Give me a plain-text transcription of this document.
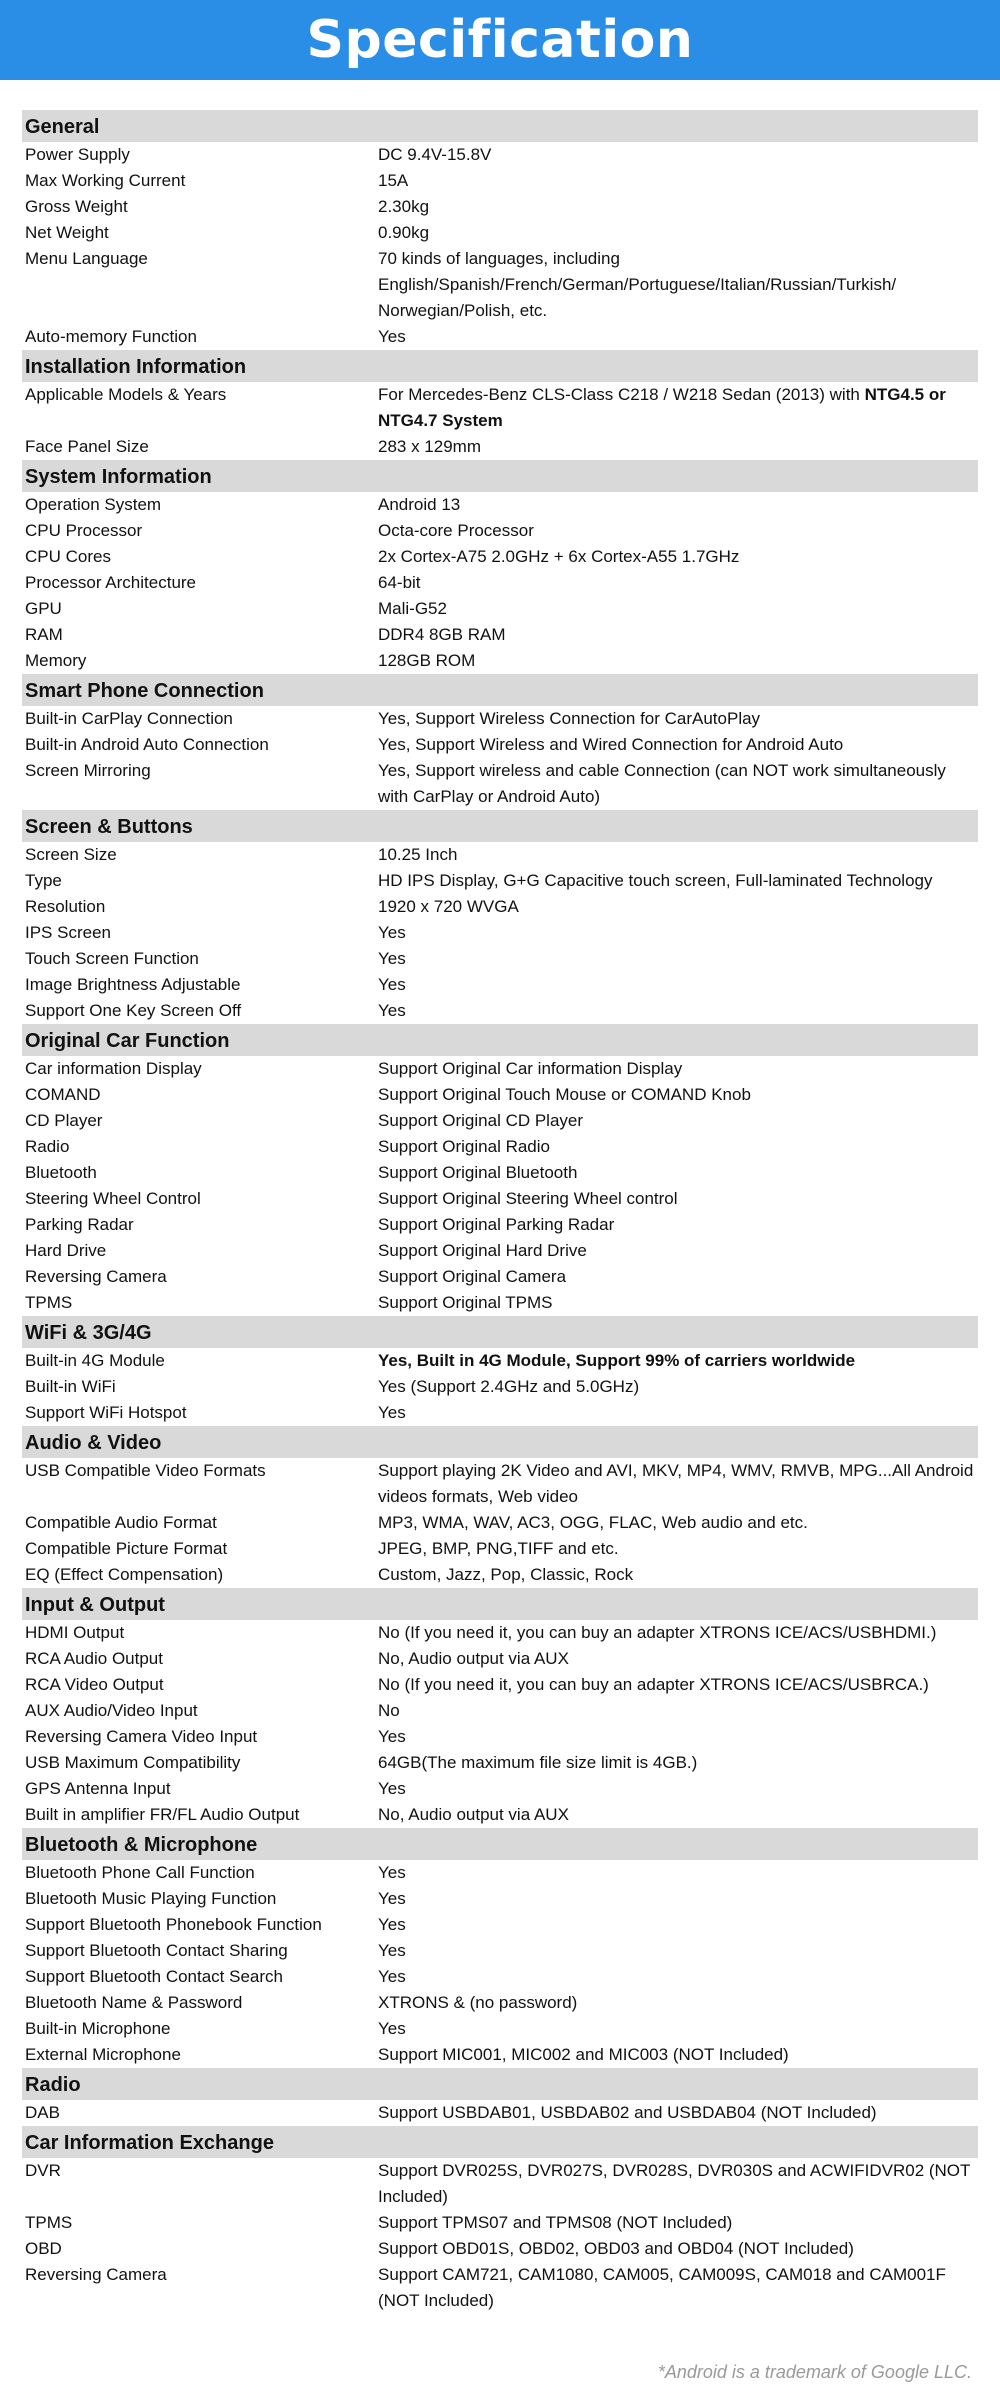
Specification
General
Power Supply	DC 9.4V-15.8V
Max Working Current	15A
Gross Weight	2.30kg
Net Weight	0.90kg
Menu Language	70 kinds of languages, including English/Spanish/French/German/Portuguese/Italian/Russian/Turkish/ Norwegian/Polish, etc.
Auto-memory Function	Yes
Installation Information
Applicable Models & Years	For Mercedes-Benz CLS-Class C218 / W218 Sedan (2013) with NTG4.5 or NTG4.7 System
Face Panel Size	283 x 129mm
System Information
Operation System	Android 13
CPU Processor	Octa-core Processor
CPU Cores	2x Cortex-A75 2.0GHz + 6x Cortex-A55 1.7GHz
Processor Architecture	64-bit
GPU	Mali-G52
RAM	DDR4 8GB RAM
Memory	128GB ROM
Smart Phone Connection
Built-in CarPlay Connection	Yes, Support Wireless Connection for CarAutoPlay
Built-in Android Auto Connection	Yes, Support Wireless and Wired Connection for Android Auto
Screen Mirroring	Yes, Support wireless and cable Connection (can NOT work simultaneously with CarPlay or Android Auto)
Screen & Buttons
Screen Size	10.25 Inch
Type	HD IPS Display, G+G Capacitive touch screen, Full-laminated Technology
Resolution	1920 x 720 WVGA
IPS Screen	Yes
Touch Screen Function	Yes
Image Brightness Adjustable	Yes
Support One Key Screen Off	Yes
Original Car Function
Car information Display	Support Original Car information Display
COMAND	Support Original Touch Mouse or COMAND Knob
CD Player	Support Original CD Player
Radio	Support Original Radio
Bluetooth	Support Original Bluetooth
Steering Wheel Control	Support Original Steering Wheel control
Parking Radar	Support Original Parking Radar
Hard Drive	Support Original Hard Drive
Reversing Camera	Support Original Camera
TPMS	Support Original TPMS
WiFi & 3G/4G
Built-in 4G Module	Yes, Built in 4G Module, Support 99% of carriers worldwide
Built-in WiFi	Yes (Support 2.4GHz and 5.0GHz)
Support WiFi Hotspot	Yes
Audio & Video
USB Compatible Video Formats	Support playing 2K Video and AVI, MKV, MP4, WMV, RMVB, MPG...All Android videos formats, Web video
Compatible Audio Format	MP3, WMA, WAV, AC3, OGG, FLAC, Web audio and etc.
Compatible Picture Format	JPEG, BMP, PNG,TIFF and etc.
EQ (Effect Compensation)	Custom, Jazz, Pop, Classic, Rock
Input & Output
HDMI Output	No (If you need it, you can buy an adapter XTRONS ICE/ACS/USBHDMI.)
RCA Audio Output	No, Audio output via AUX
RCA Video Output	No (If you need it, you can buy an adapter XTRONS ICE/ACS/USBRCA.)
AUX Audio/Video Input	No
Reversing Camera Video Input	Yes
USB Maximum Compatibility	64GB(The maximum file size limit is 4GB.)
GPS Antenna Input	Yes
Built in amplifier FR/FL Audio Output	No, Audio output via AUX
Bluetooth & Microphone
Bluetooth Phone Call Function	Yes
Bluetooth Music Playing Function	Yes
Support Bluetooth Phonebook Function	Yes
Support Bluetooth Contact Sharing	Yes
Support Bluetooth Contact Search	Yes
Bluetooth Name & Password	XTRONS & (no password)
Built-in Microphone	Yes
External Microphone	Support MIC001, MIC002 and MIC003 (NOT Included)
Radio
DAB	Support USBDAB01, USBDAB02 and USBDAB04 (NOT Included)
Car Information Exchange
DVR	Support DVR025S, DVR027S, DVR028S, DVR030S and ACWIFIDVR02 (NOT Included)
TPMS	Support TPMS07 and TPMS08 (NOT Included)
OBD	Support OBD01S, OBD02, OBD03 and OBD04 (NOT Included)
Reversing Camera	Support CAM721, CAM1080, CAM005, CAM009S, CAM018 and CAM001F (NOT Included)
*Android is a trademark of Google LLC.
